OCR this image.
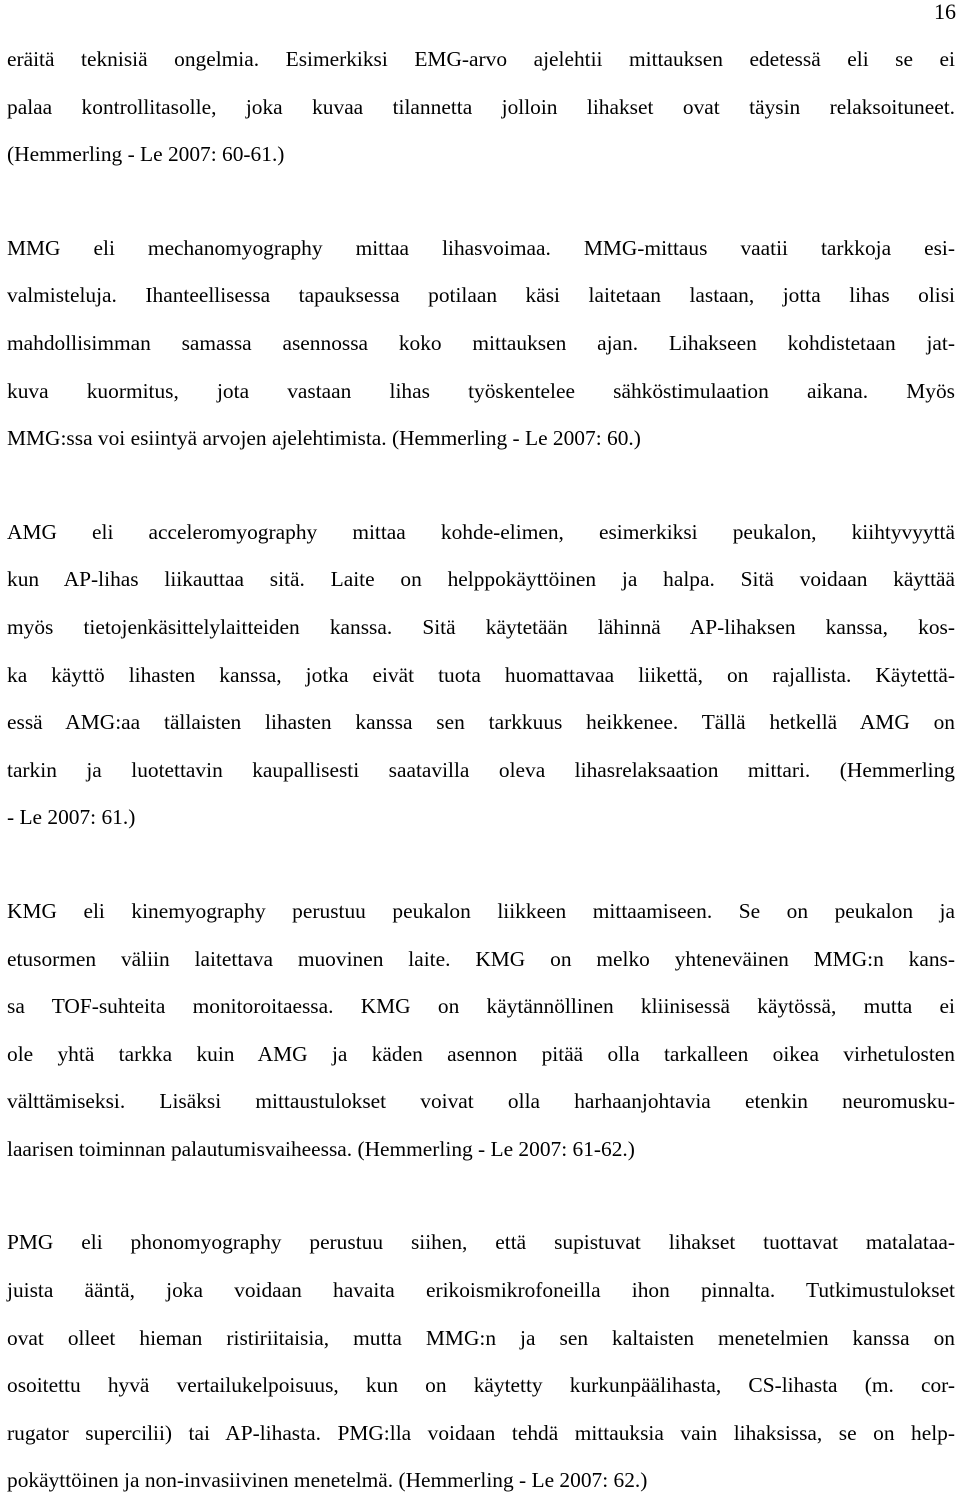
16

eräitä teknisiä ongelmia. Esimerkiksi EMG-arvo ajelehtii mittauksen edetessä eli se ei
palaa kontrollitasolle, joka kuvaa tilannetta jolloin lihakset ovat täysin relaksoituneet.
(Hemmerling - Le 2007: 60-61.)

MMG eli mechanomyography mittaa lihasvoimaa. MMG-mittaus vaatii tarkkoja esi-
valmisteluja. Ihanteellisessa tapauksessa potilaan käsi laitetaan lastaan, jotta lihas olisi
mahdollisimman samassa asennossa koko mittauksen ajan. Lihakseen kohdistetaan jat-
kuva kuormitus, jota vastaan lihas työskentelee sähköstimulaation aikana. Myös
MMG:ssa voi esiintyä arvojen ajelehtimista. (Hemmerling - Le 2007: 60.)

AMG eli acceleromyography mittaa kohde-elimen, esimerkiksi peukalon, kiihtyvyyttä
kun AP-lihas liikauttaa sitä. Laite on helppokäyttöinen ja halpa. Sitä voidaan käyttää
myös tietojenkäsittelylaitteiden kanssa. Sitä käytetään lähinnä AP-lihaksen kanssa, kos-
ka käyttö lihasten kanssa, jotka eivät tuota huomattavaa liikettä, on rajallista. Käytettä-
essä AMG:aa tällaisten lihasten kanssa sen tarkkuus heikkenee. Tällä hetkellä AMG on
tarkin ja luotettavin kaupallisesti saatavilla oleva lihasrelaksaation mittari. (Hemmerling
- Le 2007: 61.)

KMG eli kinemyography perustuu peukalon liikkeen mittaamiseen. Se on peukalon ja
etusormen väliin laitettava muovinen laite. KMG on melko yhteneväinen MMG:n kans-
sa TOF-suhteita monitoroitaessa. KMG on käytännöllinen kliinisessä käytössä, mutta ei
ole yhtä tarkka kuin AMG ja käden asennon pitää olla tarkalleen oikea virhetulosten
välttämiseksi. Lisäksi mittaustulokset voivat olla harhaanjohtavia etenkin neuromusku-
laarisen toiminnan palautumisvaiheessa. (Hemmerling - Le 2007: 61-62.)

PMG eli phonomyography perustuu siihen, että supistuvat lihakset tuottavat matalataa-
juista ääntä, joka voidaan havaita erikoismikrofoneilla ihon pinnalta. Tutkimustulokset
ovat olleet hieman ristiriitaisia, mutta MMG:n ja sen kaltaisten menetelmien kanssa on
osoitettu hyvä vertailukelpoisuus, kun on käytetty kurkunpäälihasta, CS-lihasta (m. cor-
rugator supercilii) tai AP-lihasta. PMG:lla voidaan tehdä mittauksia vain lihaksissa, se on help-
pokäyttöinen ja non-invasiivinen menetelmä. (Hemmerling - Le 2007: 62.)
